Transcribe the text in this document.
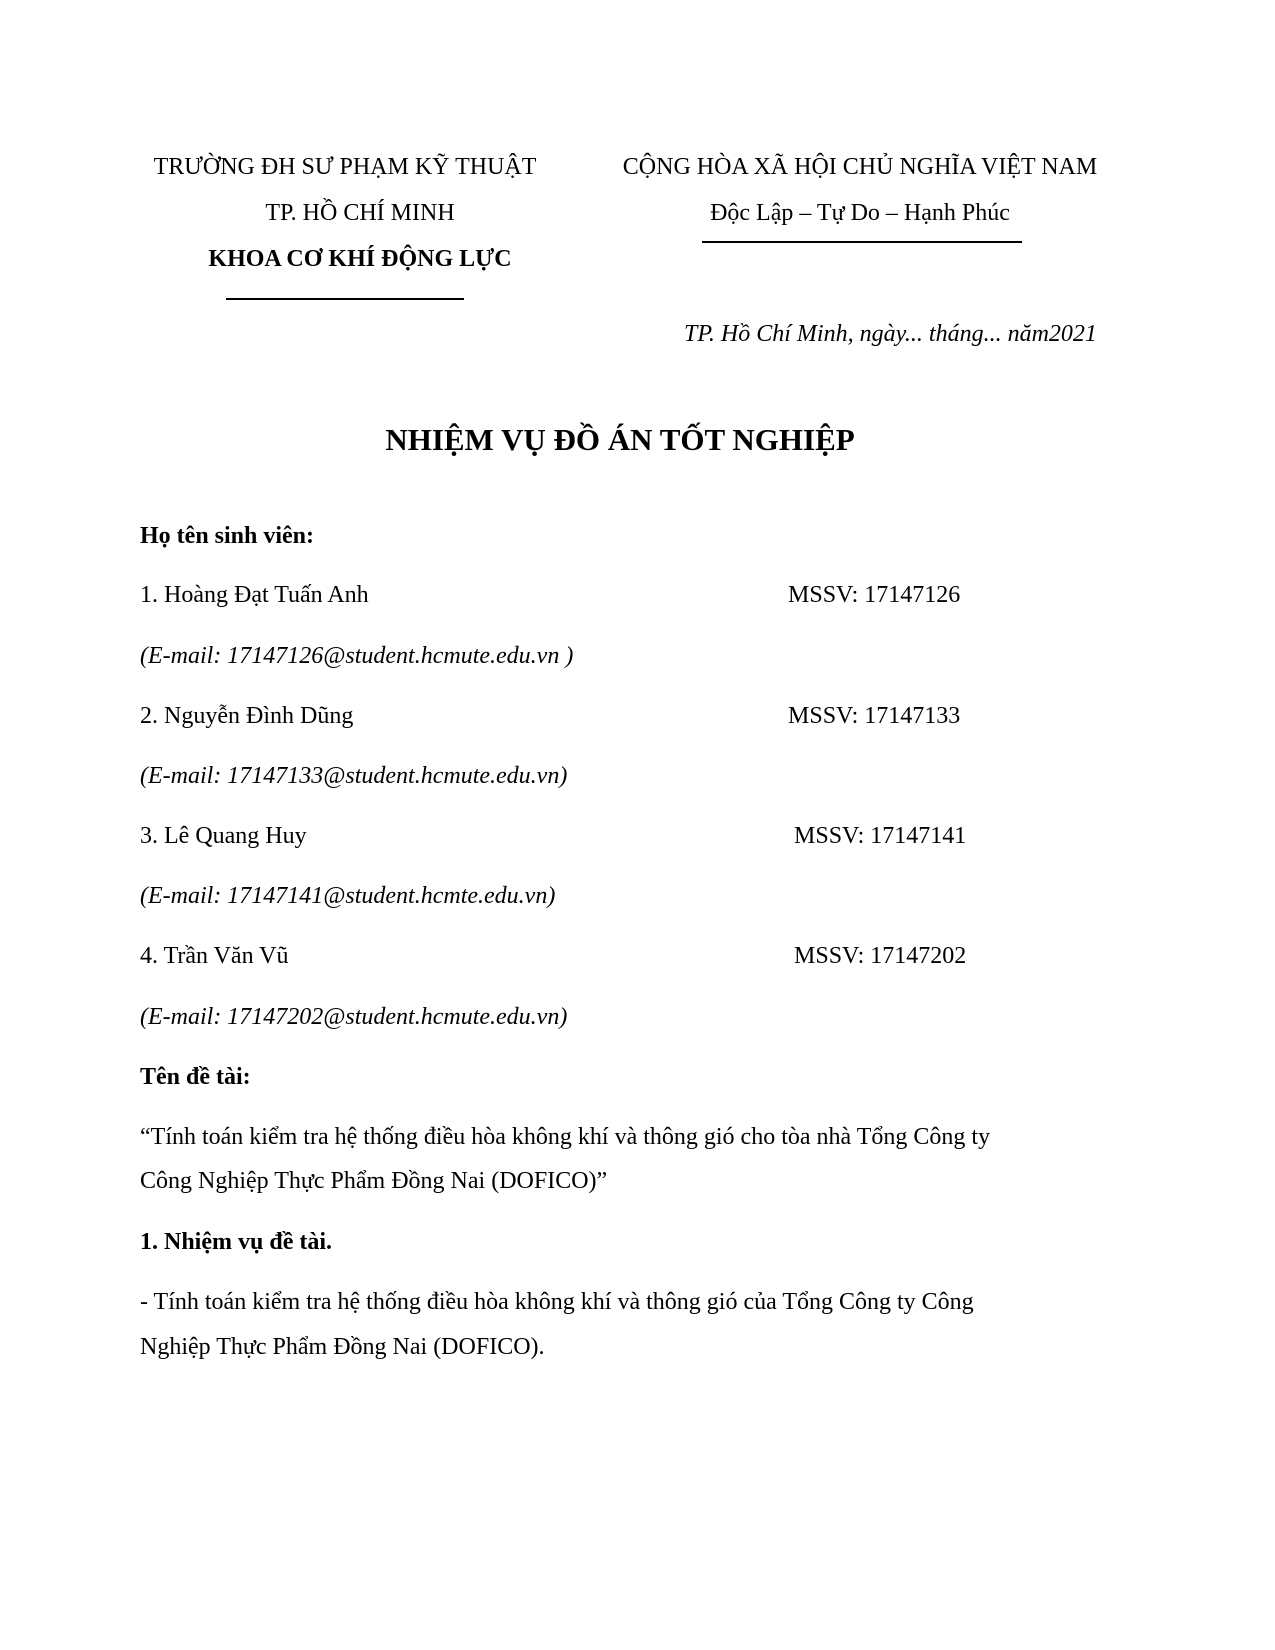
TRƯỜNG ĐH SƯ PHẠM KỸ THUẬT
TP. HỒ CHÍ MINH
KHOA CƠ KHÍ ĐỘNG LỰC
CỘNG HÒA XÃ HỘI CHỦ NGHĨA VIỆT NAM
Độc Lập – Tự Do – Hạnh Phúc
TP. Hồ Chí Minh, ngày... tháng... năm2021
NHIỆM VỤ ĐỒ ÁN TỐT NGHIỆP
Họ tên sinh viên:
1. Hoàng Đạt Tuấn Anh	MSSV: 17147126
(E-mail: 17147126@student.hcmute.edu.vn )
2. Nguyễn Đình Dũng	MSSV: 17147133
(E-mail: 17147133@student.hcmute.edu.vn)
3. Lê Quang Huy	MSSV: 17147141
(E-mail: 17147141@student.hcmte.edu.vn)
4. Trần Văn Vũ	MSSV: 17147202
(E-mail: 17147202@student.hcmute.edu.vn)
Tên đề tài:
“Tính toán kiểm tra hệ thống điều hòa không khí và thông gió cho tòa nhà Tổng Công ty
Công Nghiệp Thực Phẩm Đồng Nai (DOFICO)”
1. Nhiệm vụ đề tài.
- Tính toán kiểm tra hệ thống điều hòa không khí và thông gió của Tổng Công ty Công
Nghiệp Thực Phẩm Đồng Nai (DOFICO).
